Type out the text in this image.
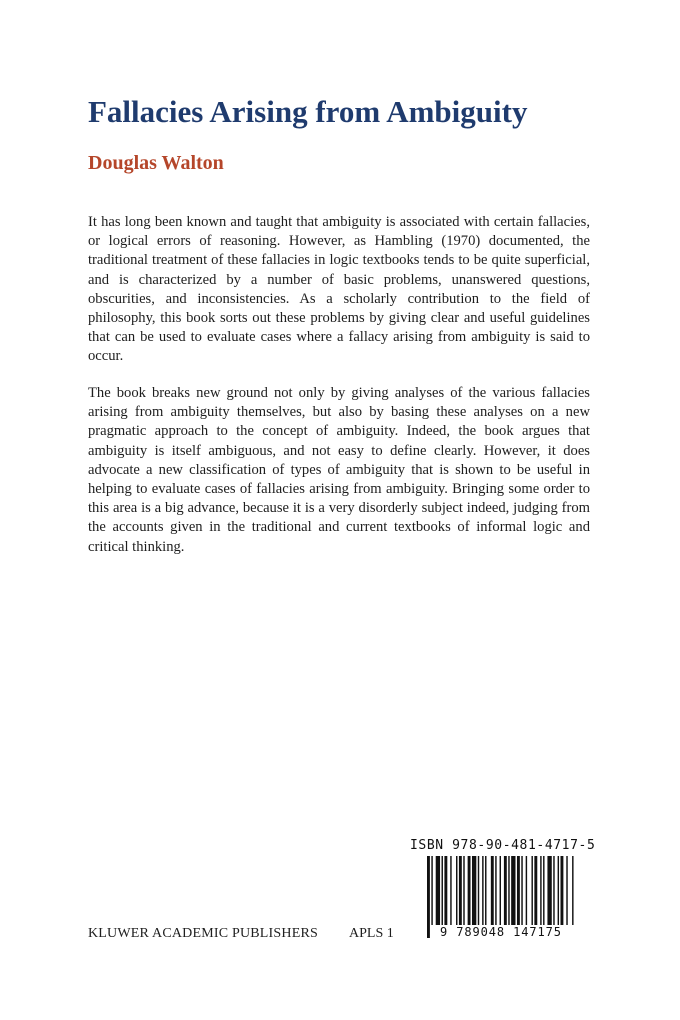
Fallacies Arising from Ambiguity
Douglas Walton

It has long been known and taught that ambiguity is associated with certain fallacies, or logical errors of reasoning. However, as Hambling (1970) documented, the traditional treatment of these fallacies in logic textbooks tends to be quite superficial, and is characterized by a number of basic problems, unanswered questions, obscurities, and inconsistencies. As a scholarly contribution to the field of philosophy, this book sorts out these problems by giving clear and useful guidelines that can be used to evaluate cases where a fallacy arising from ambiguity is said to occur.

The book breaks new ground not only by giving analyses of the various fallacies arising from ambiguity themselves, but also by basing these analyses on a new pragmatic approach to the concept of ambiguity. Indeed, the book argues that ambiguity is itself ambiguous, and not easy to define clearly. However, it does advocate a new classification of types of ambiguity that is shown to be useful in helping to evaluate cases of fallacies arising from ambiguity. Bringing some order to this area is a big advance, because it is a very disorderly subject indeed, judging from the accounts given in the traditional and current textbooks of informal logic and critical thinking.

ISBN 978-90-481-4717-5
9 789048 147175
KLUWER ACADEMIC PUBLISHERS APLS 1
